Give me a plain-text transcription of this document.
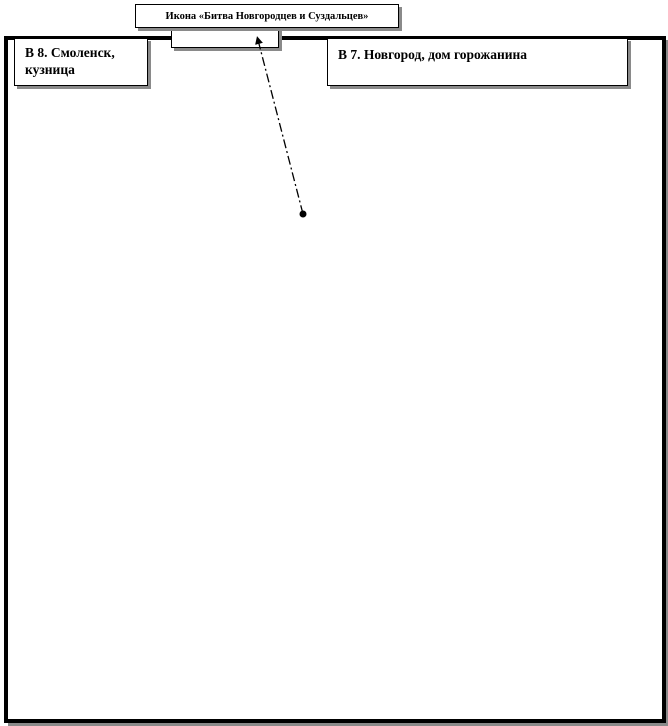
Икона «Битва Новгородцев и Суздальцев»
В 8. Смоленск,
кузница
В 7. Новгород, дом горожанина
